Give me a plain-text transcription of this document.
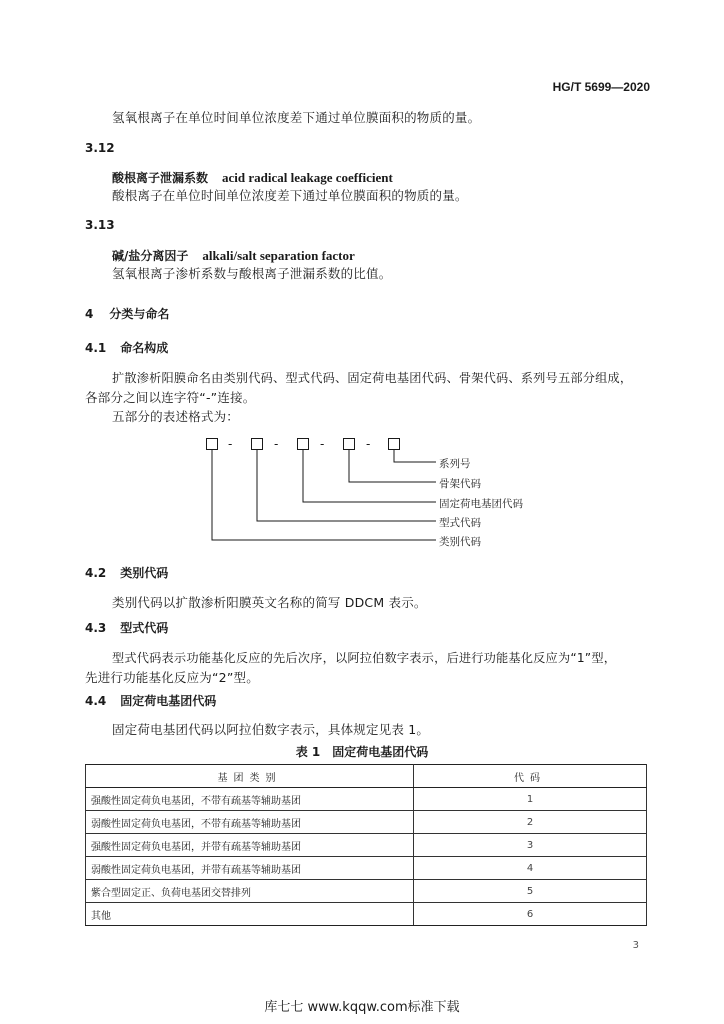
HG/T 5699—2020
氢氧根离子在单位时间单位浓度差下通过单位膜面积的物质的量。
3.12
酸根离子泄漏系数 acid radical leakage coefficient
酸根离子在单位时间单位浓度差下通过单位膜面积的物质的量。
3.13
碱/盐分离因子 alkali/salt separation factor
氢氧根离子渗析系数与酸根离子泄漏系数的比值。
4 分类与命名
4.1 命名构成
扩散渗析阳膜命名由类别代码、型式代码、固定荷电基团代码、骨架代码、系列号五部分组成，
各部分之间以连字符“-”连接。
五部分的表述格式为：
-	-	-	-
系列号
骨架代码
固定荷电基团代码
型式代码
类别代码
4.2 类别代码
类别代码以扩散渗析阳膜英文名称的简写 DDCM 表示。
4.3 型式代码
型式代码表示功能基化反应的先后次序，以阿拉伯数字表示，后进行功能基化反应为“1”型，
先进行功能基化反应为“2”型。
4.4 固定荷电基团代码
固定荷电基团代码以阿拉伯数字表示，具体规定见表 1。
表 1　固定荷电基团代码
基团类别	代码
强酸性固定荷负电基团，不带有疏基等辅助基团	1
弱酸性固定荷负电基团，不带有疏基等辅助基团	2
强酸性固定荷负电基团，并带有疏基等辅助基团	3
弱酸性固定荷负电基团，并带有疏基等辅助基团	4
紫合型固定正、负荷电基团交替排列	5
其他	6
3
库七七 www.kqqw.com标准下载
